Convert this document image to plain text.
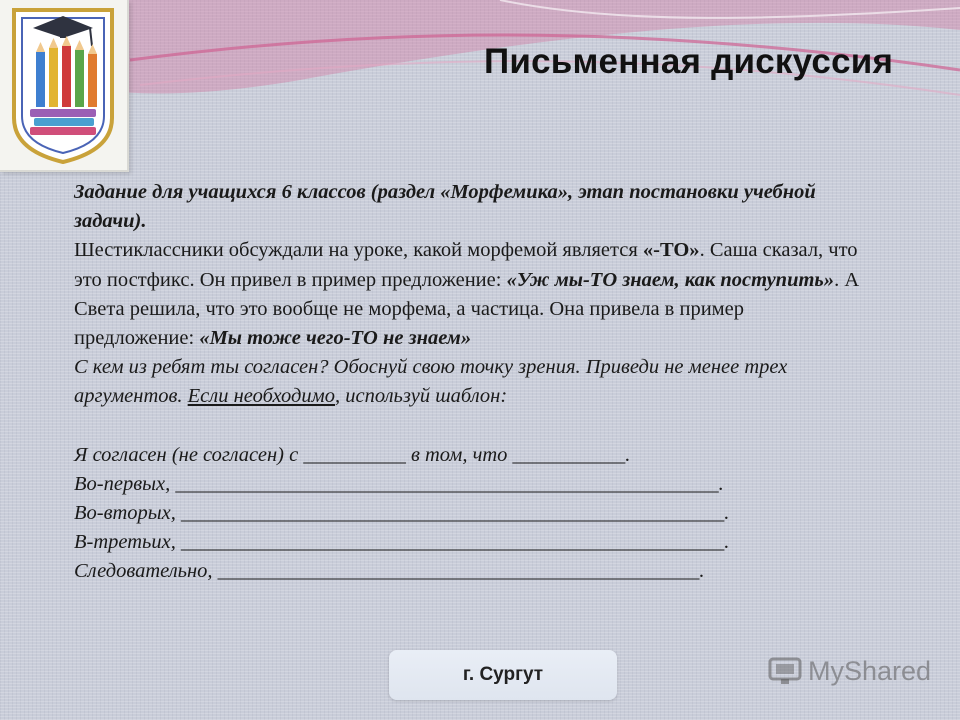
Письменная дискуссия

Задание для учащихся 6 классов (раздел «Морфемика», этап постановки учебной задачи).

Шестиклассники обсуждали на уроке, какой морфемой является «-ТО». Саша сказал, что это постфикс. Он привел в пример предложение: «Уж мы-ТО знаем, как поступить». А Света решила, что это вообще не морфема, а частица. Она привела в пример предложение: «Мы тоже чего-ТО не знаем»

С кем из ребят ты согласен? Обоснуй свою точку зрения. Приведи не менее трех аргументов. Если необходимо, используй шаблон:

Я согласен (не согласен) с __________ в том, что ___________.

Во-первых, _____________________________________________________.

Во-вторых, _____________________________________________________.

В-третьих, _____________________________________________________.

Следовательно, _______________________________________________.

г. Сургут	MyShared
